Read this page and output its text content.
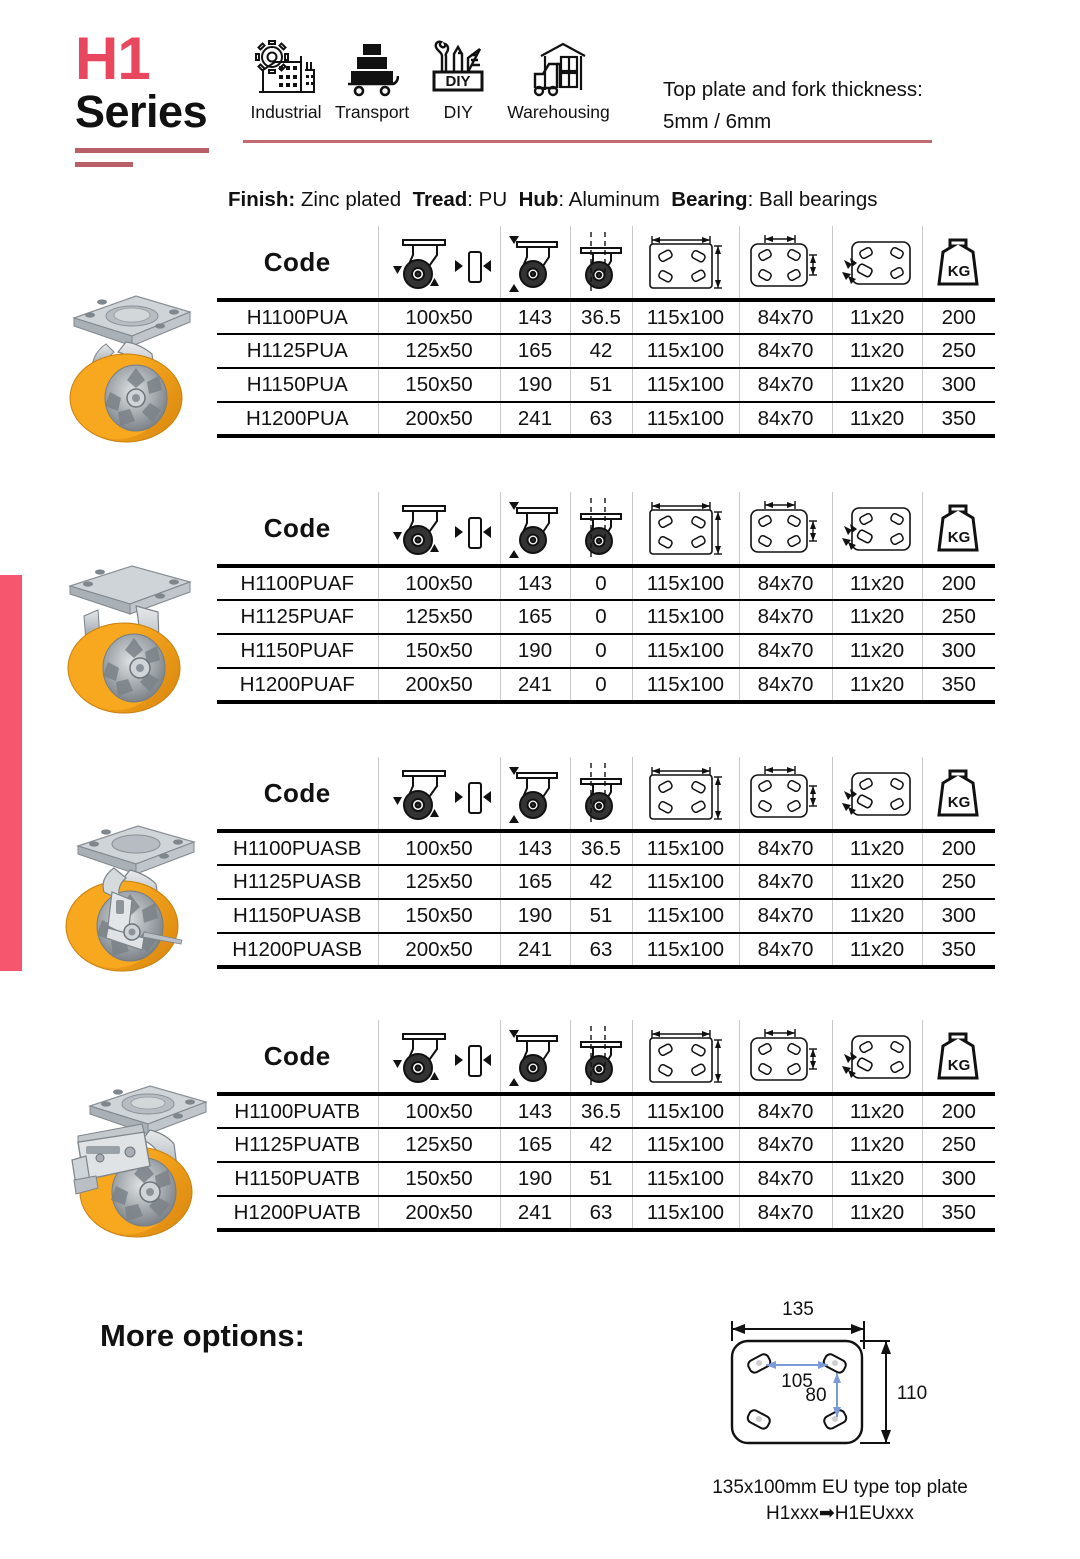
H1
Series	Industrial Transport
DIY
DIY Warehousing
Top plate and fork thickness:
5mm / 6mm
Finish: Zinc plated Tread: PU Hub: Aluminum Bearing: Ball bearings
Code							KG

H1100PUA	100x50	143	36.5	115x100	84x70	11x20	200
H1125PUA	125x50	165	42	115x100	84x70	11x20	250
H1150PUA	150x50	190	51	115x100	84x70	11x20	300
H1200PUA	200x50	241	63	115x100	84x70	11x20	350
Code							KG

H1100PUAF	100x50	143	0	115x100	84x70	11x20	200
H1125PUAF	125x50	165	0	115x100	84x70	11x20	250
H1150PUAF	150x50	190	0	115x100	84x70	11x20	300
H1200PUAF	200x50	241	0	115x100	84x70	11x20	350
Code							KG

H1100PUASB	100x50	143	36.5	115x100	84x70	11x20	200
H1125PUASB	125x50	165	42	115x100	84x70	11x20	250
H1150PUASB	150x50	190	51	115x100	84x70	11x20	300
H1200PUASB	200x50	241	63	115x100	84x70	11x20	350
Code							KG

H1100PUATB	100x50	143	36.5	115x100	84x70	11x20	200
H1125PUATB	125x50	165	42	115x100	84x70	11x20	250
H1150PUATB	150x50	190	51	115x100	84x70	11x20	300
H1200PUATB	200x50	241	63	115x100	84x70	11x20	350
More options:
135
110
105
80
135x100mm EU type top plate
H1xxx➡H1EUxxx
